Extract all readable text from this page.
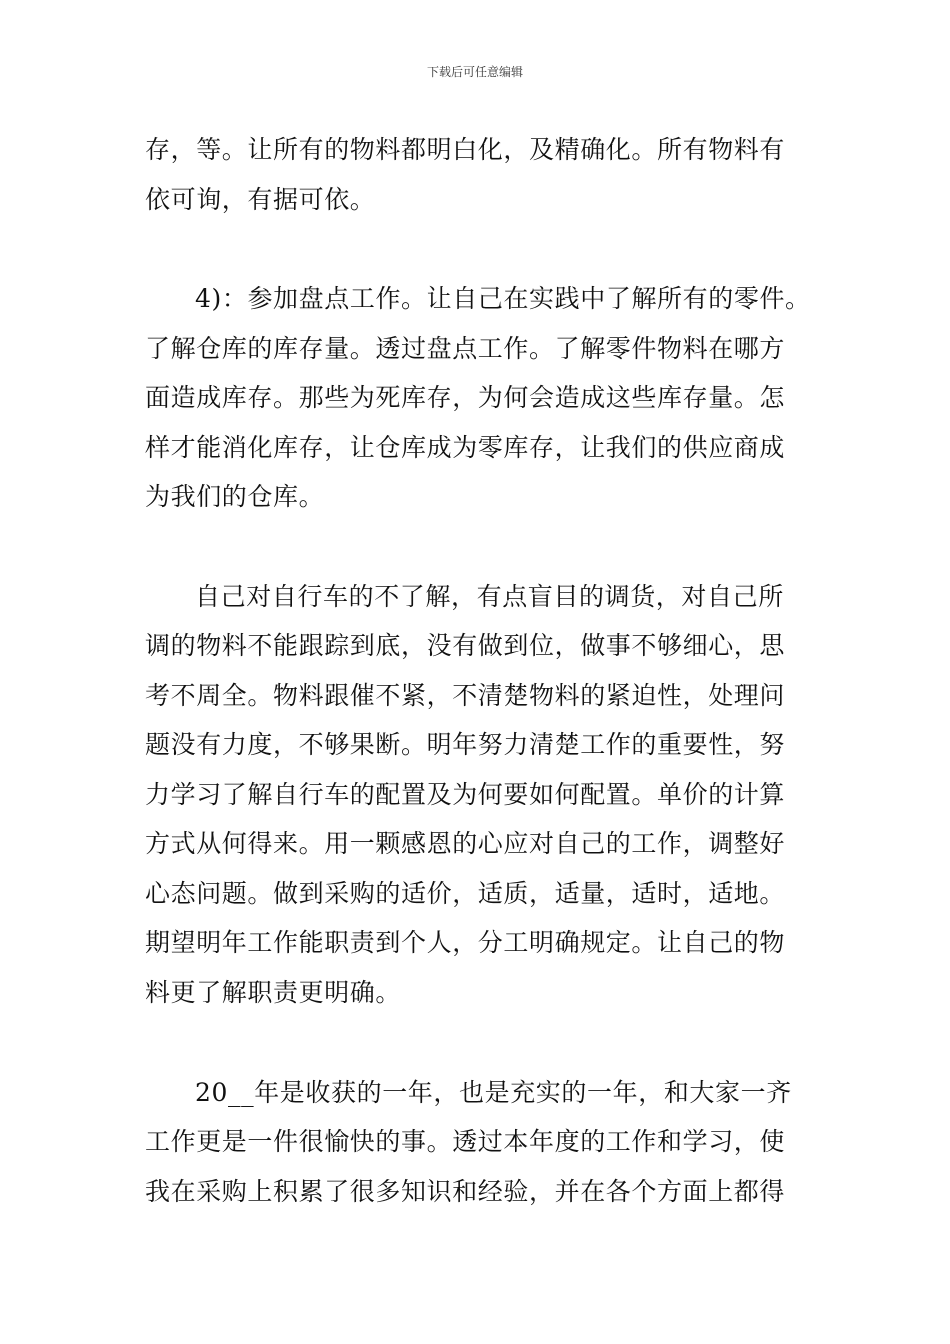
下载后可任意编辑
存，等。让所有的物料都明白化，及精确化。所有物料有
依可询，有据可依。
4)：参加盘点工作。让自己在实践中了解所有的零件。
了解仓库的库存量。透过盘点工作。了解零件物料在哪方
面造成库存。那些为死库存，为何会造成这些库存量。怎
样才能消化库存，让仓库成为零库存，让我们的供应商成
为我们的仓库。
自己对自行车的不了解，有点盲目的调货，对自己所
调的物料不能跟踪到底，没有做到位，做事不够细心，思
考不周全。物料跟催不紧，不清楚物料的紧迫性，处理问
题没有力度，不够果断。明年努力清楚工作的重要性，努
力学习了解自行车的配置及为何要如何配置。单价的计算
方式从何得来。用一颗感恩的心应对自己的工作，调整好
心态问题。做到采购的适价，适质，适量，适时，适地。
期望明年工作能职责到个人，分工明确规定。让自己的物
料更了解职责更明确。
20__年是收获的一年，也是充实的一年，和大家一齐
工作更是一件很愉快的事。透过本年度的工作和学习，使
我在采购上积累了很多知识和经验，并在各个方面上都得
